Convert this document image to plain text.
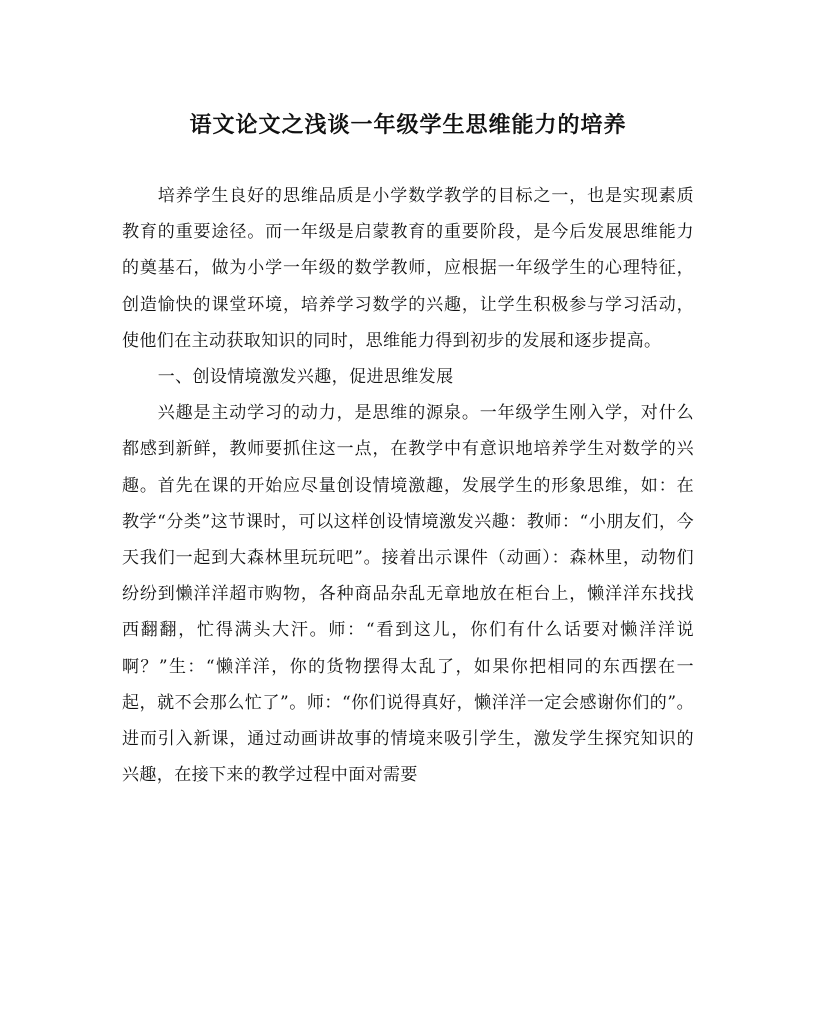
语文论文之浅谈一年级学生思维能力的培养

培养学生良好的思维品质是小学数学教学的目标之一，也是实现素质教育的重要途径。而一年级是启蒙教育的重要阶段，是今后发展思维能力的奠基石，做为小学一年级的数学教师，应根据一年级学生的心理特征，创造愉快的课堂环境，培养学习数学的兴趣，让学生积极参与学习活动，使他们在主动获取知识的同时，思维能力得到初步的发展和逐步提高。

一、创设情境激发兴趣，促进思维发展

兴趣是主动学习的动力，是思维的源泉。一年级学生刚入学，对什么都感到新鲜，教师要抓住这一点，在教学中有意识地培养学生对数学的兴趣。首先在课的开始应尽量创设情境激趣，发展学生的形象思维，如：在教学“分类”这节课时，可以这样创设情境激发兴趣：教师：“小朋友们，今天我们一起到大森林里玩玩吧”。接着出示课件（动画）：森林里，动物们纷纷到懒洋洋超市购物，各种商品杂乱无章地放在柜台上，懒洋洋东找找西翻翻，忙得满头大汗。师：“看到这儿，你们有什么话要对懒洋洋说啊？”生：“懒洋洋，你的货物摆得太乱了，如果你把相同的东西摆在一起，就不会那么忙了”。师：“你们说得真好，懒洋洋一定会感谢你们的”。进而引入新课，通过动画讲故事的情境来吸引学生，激发学生探究知识的兴趣，在接下来的教学过程中面对需要
